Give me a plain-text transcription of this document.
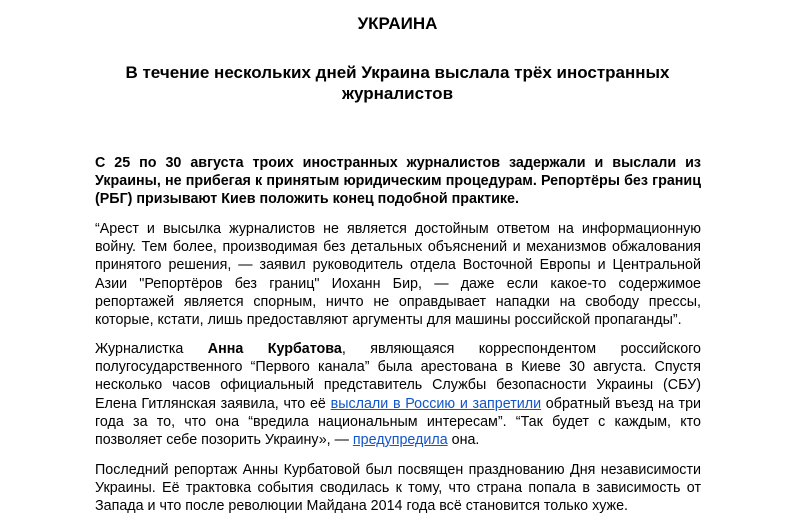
УКРАИНА
В течение нескольких дней Украина выслала трёх иностранных
журналистов

С 25 по 30 августа троих иностранных журналистов задержали и выслали из Украины, не прибегая к принятым юридическим процедурам. Репортёры без границ (РБГ) призывают Киев положить конец подобной практике.

“Арест и высылка журналистов не является достойным ответом на информационную войну. Тем более, производимая без детальных объяснений и механизмов обжалования принятого решения, — заявил руководитель отдела Восточной Европы и Центральной Азии "Репортёров без границ" Иоханн Бир, — даже если какое-то содержимое репортажей является спорным, ничто не оправдывает нападки на свободу прессы, которые, кстати, лишь предоставляют аргументы для машины российской пропаганды”.

Журналистка Анна Курбатова, являющаяся корреспондентом российского полугосударственного “Первого канала” была арестована в Киеве 30 августа. Спустя несколько часов официальный представитель Службы безопасности Украины (СБУ) Елена Гитлянская заявила, что её выслали в Россию и запретили обратный въезд на три года за то, что она “вредила национальным интересам”. “Так будет с каждым, кто позволяет себе позорить Украину», — предупредила она.

Последний репортаж Анны Курбатовой был посвящен празднованию Дня независимости Украины. Её трактовка события сводилась к тому, что страна попала в зависимость от Запада и что после революции Майдана 2014 года всё становится только хуже.
